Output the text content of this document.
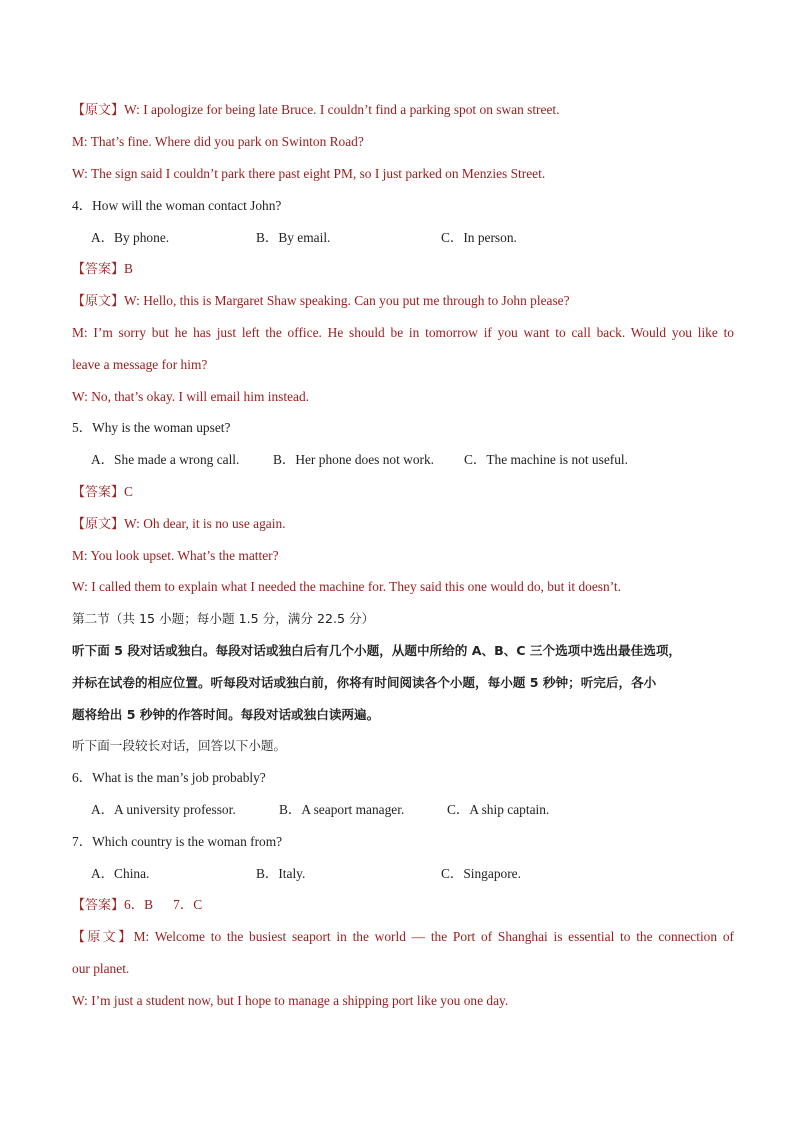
【原文】W: I apologize for being late Bruce. I couldn’t find a parking spot on swan street.
M: That’s fine. Where did you park on Swinton Road?
W: The sign said I couldn’t park there past eight PM, so I just parked on Menzies Street.
4．How will the woman contact John?
A．By phone.	B．By email.	C．In person.
【答案】B
【原文】W: Hello, this is Margaret Shaw speaking. Can you put me through to John please?
M: I’m sorry but he has just left the office. He should be in tomorrow if you want to call back. Would you like to
leave a message for him?
W: No, that’s okay. I will email him instead.
5．Why is the woman upset?
A．She made a wrong call.	B．Her phone does not work. C．The machine is not useful.
【答案】C
【原文】W: Oh dear, it is no use again.
M: You look upset. What’s the matter?
W: I called them to explain what I needed the machine for. They said this one would do, but it doesn’t.
第二节（共 15 小题；每小题 1.5 分，满分 22.5 分）
听下面 5 段对话或独白。每段对话或独白后有几个小题，从题中所给的 A、B、C 三个选项中选出最佳选项，
并标在试卷的相应位置。听每段对话或独白前，你将有时间阅读各个小题，每小题 5 秒钟；听完后，各小
题将给出 5 秒钟的作答时间。每段对话或独白读两遍。
听下面一段较长对话，回答以下小题。
6．What is the man’s job probably?
A．A university professor.	B．A seaport manager.	C．A ship captain.
7．Which country is the woman from?
A．China.	B．Italy.	C．Singapore.
【答案】6．B      7．C
【原文】M: Welcome to the busiest seaport in the world — the Port of Shanghai is essential to the connection of
our planet.
W: I’m just a student now, but I hope to manage a shipping port like you one day.
